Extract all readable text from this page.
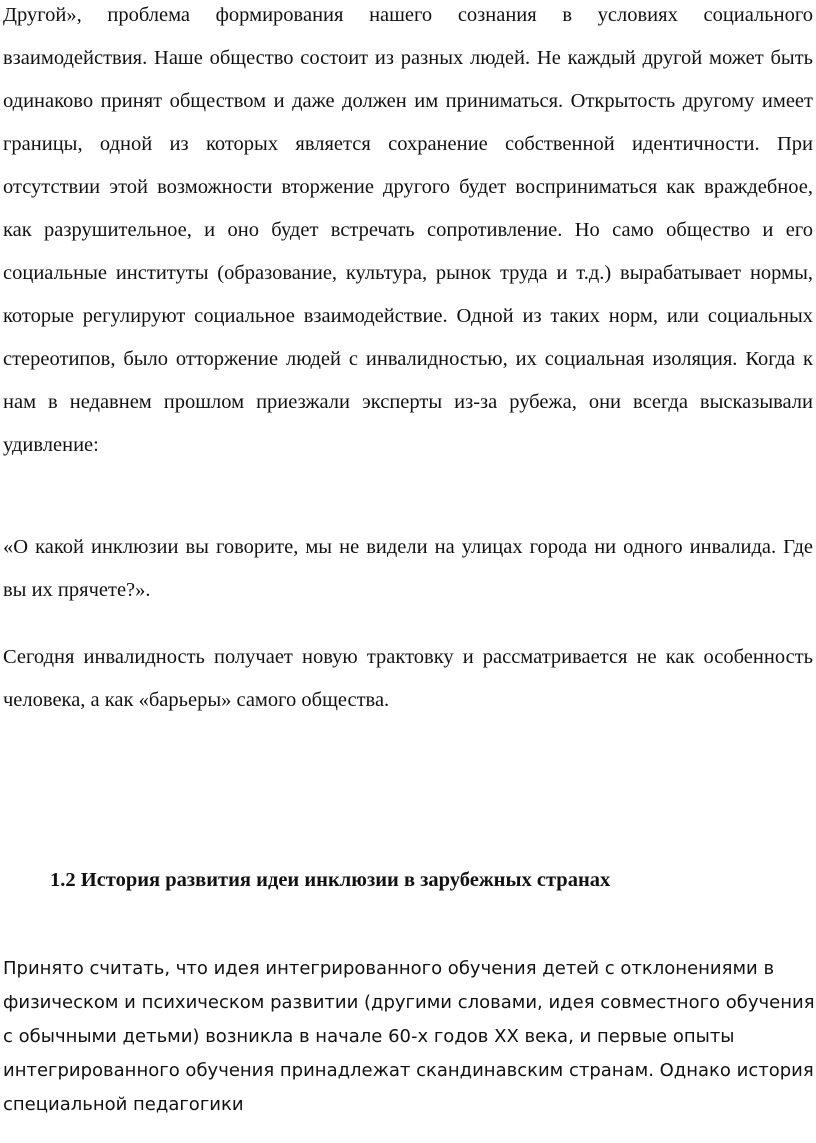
Другой», проблема формирования нашего сознания в условиях социального взаимодействия. Наше общество состоит из разных людей. Не каждый другой может быть одинаково принят обществом и даже должен им приниматься. Открытость другому имеет границы, одной из которых является сохранение собственной идентичности. При отсутствии этой возможности вторжение другого будет восприниматься как враждебное, как разрушительное, и оно будет встречать сопротивление. Но само общество и его социальные институты (образование, культура, рынок труда и т.д.) вырабатывает нормы, которые регулируют социальное взаимодействие. Одной из таких норм, или социальных стереотипов, было отторжение людей с инвалидностью, их социальная изоляция. Когда к нам в недавнем прошлом приезжали эксперты из-за рубежа, они всегда высказывали удивление:

«О какой инклюзии вы говорите, мы не видели на улицах города ни одного инвалида. Где вы их прячете?».

Сегодня инвалидность получает новую трактовку и рассматривается не как особенность человека, а как «барьеры» самого общества.

1.2 История развития идеи инклюзии в зарубежных странах

Принято считать, что идея интегрированного обучения детей с отклонениями в физическом и психическом развитии (другими словами, идея совместного обучения с обычными детьми) возникла в начале 60-х годов XX века, и первые опыты интегрированного обучения принадлежат скандинавским странам. Однако история специальной педагогики
